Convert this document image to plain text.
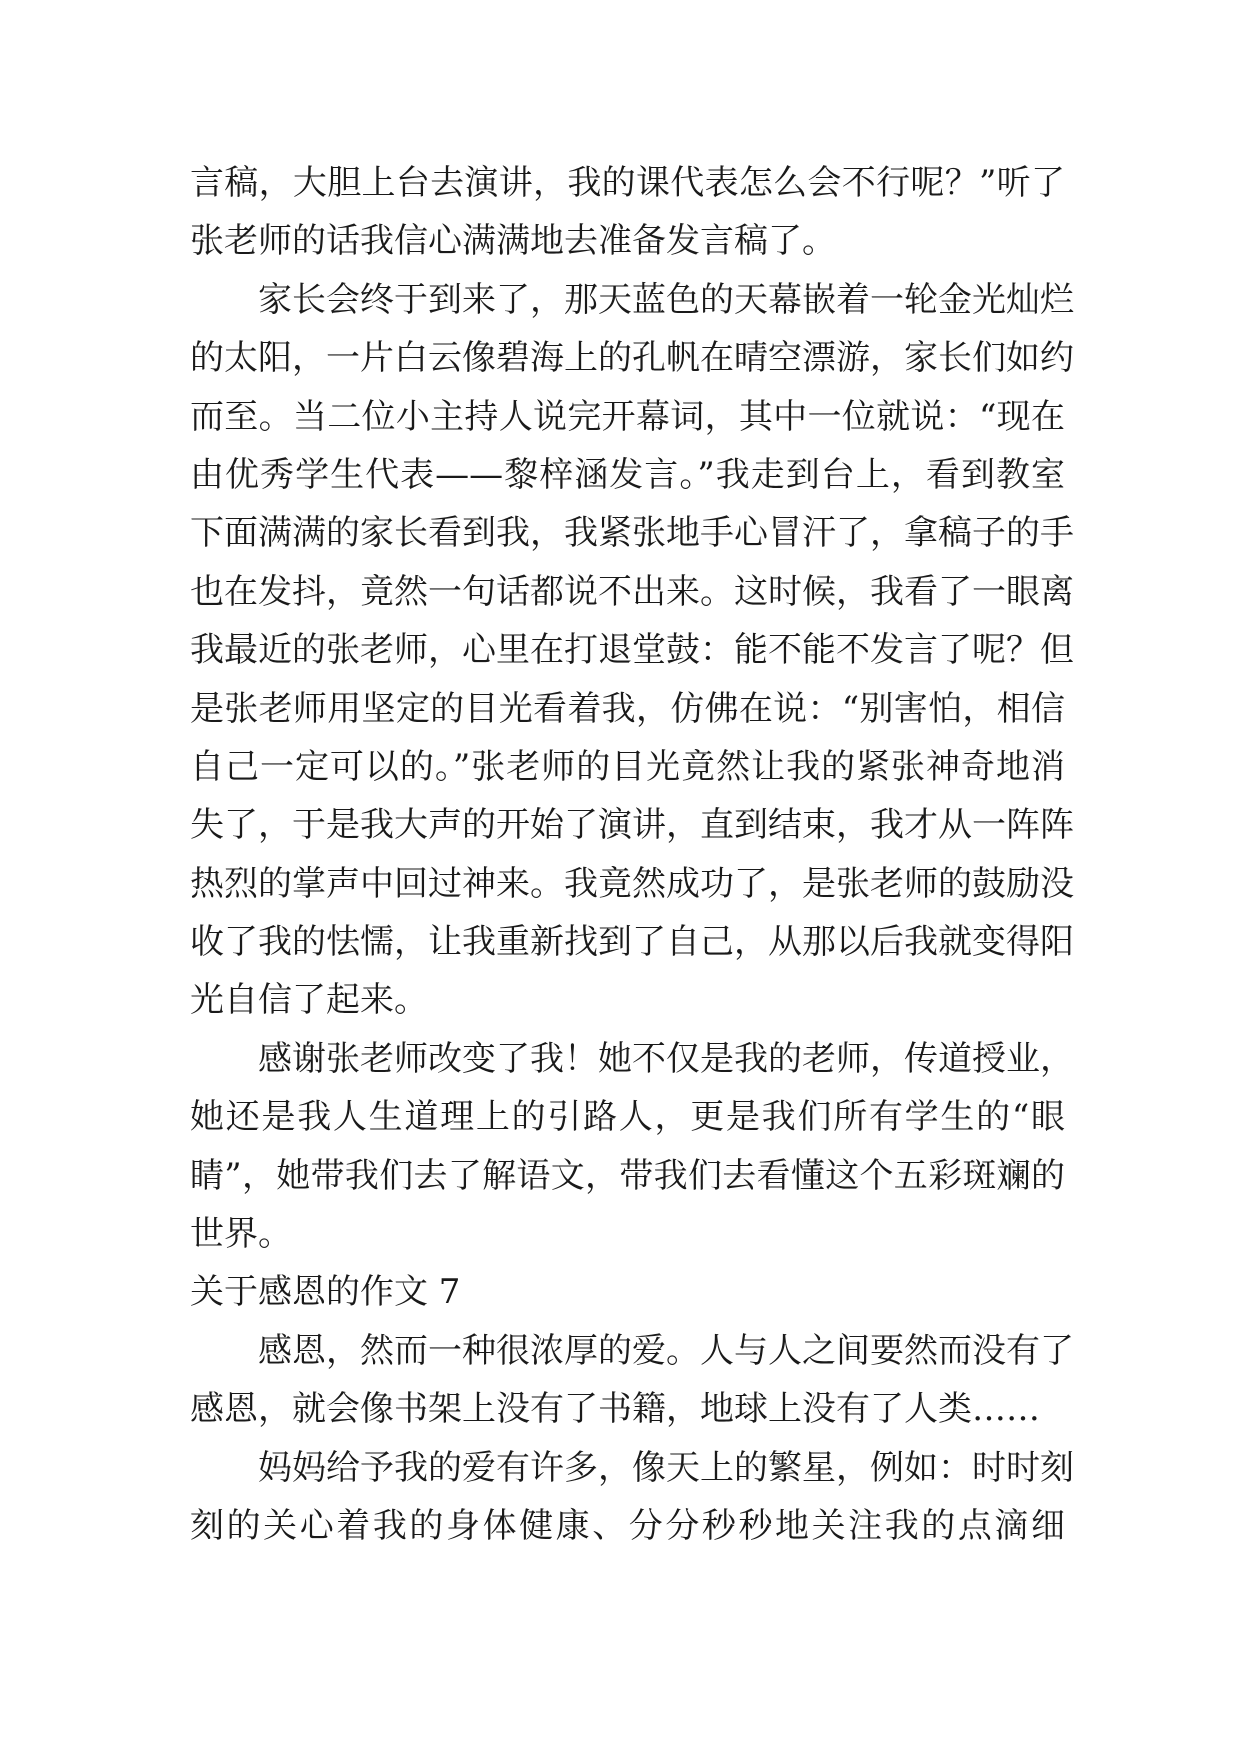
言稿，大胆上台去演讲，我的课代表怎么会不行呢？”听了
张老师的话我信心满满地去准备发言稿了。
家长会终于到来了，那天蓝色的天幕嵌着一轮金光灿烂
的太阳，一片白云像碧海上的孔帆在晴空漂游，家长们如约
而至。当二位小主持人说完开幕词，其中一位就说：“现在
由优秀学生代表——黎梓涵发言。”我走到台上，看到教室
下面满满的家长看到我，我紧张地手心冒汗了，拿稿子的手
也在发抖，竟然一句话都说不出来。这时候，我看了一眼离
我最近的张老师，心里在打退堂鼓：能不能不发言了呢？但
是张老师用坚定的目光看着我，仿佛在说：“别害怕，相信
自己一定可以的。”张老师的目光竟然让我的紧张神奇地消
失了，于是我大声的开始了演讲，直到结束，我才从一阵阵
热烈的掌声中回过神来。我竟然成功了，是张老师的鼓励没
收了我的怯懦，让我重新找到了自己，从那以后我就变得阳
光自信了起来。
感谢张老师改变了我！她不仅是我的老师，传道授业，
她还是我人生道理上的引路人，更是我们所有学生的“眼
睛”，她带我们去了解语文，带我们去看懂这个五彩斑斓的
世界。
关于感恩的作文 7
感恩，然而一种很浓厚的爱。人与人之间要然而没有了
感恩，就会像书架上没有了书籍，地球上没有了人类……
妈妈给予我的爱有许多，像天上的繁星，例如：时时刻
刻的关心着我的身体健康、分分秒秒地关注我的点滴细
